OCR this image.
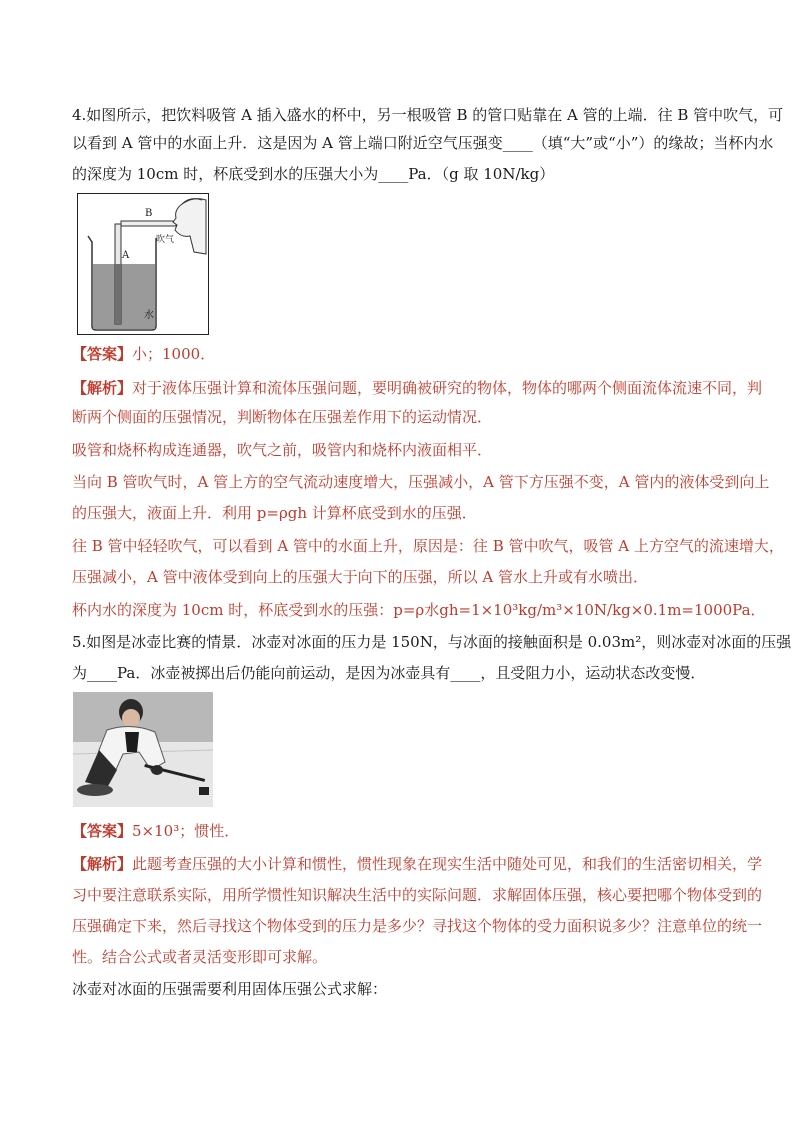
4.如图所示，把饮料吸管 A 插入盛水的杯中，另一根吸管 B 的管口贴靠在 A 管的上端．往 B 管中吹气，可
以看到 A 管中的水面上升．这是因为 A 管上端口附近空气压强变____（填“大”或“小”）的缘故；当杯内水
的深度为 10cm 时，杯底受到水的压强大小为____Pa．（g 取 10N/kg）
B
A
吹气
水
【答案】小；1000．
【解析】对于液体压强计算和流体压强问题，要明确被研究的物体，物体的哪两个侧面流体流速不同，判
断两个侧面的压强情况，判断物体在压强差作用下的运动情况．
吸管和烧杯构成连通器，吹气之前，吸管内和烧杯内液面相平．
当向 B 管吹气时，A 管上方的空气流动速度增大，压强减小，A 管下方压强不变，A 管内的液体受到向上
的压强大，液面上升．利用 p=ρgh 计算杯底受到水的压强．
往 B 管中轻轻吹气，可以看到 A 管中的水面上升，原因是：往 B 管中吹气，吸管 A 上方空气的流速增大，
压强减小，A 管中液体受到向上的压强大于向下的压强，所以 A 管水上升或有水喷出．
杯内水的深度为 10cm 时，杯底受到水的压强：p=ρ水gh=1×10³kg/m³×10N/kg×0.1m=1000Pa．
5.如图是冰壶比赛的情景．冰壶对冰面的压力是 150N，与冰面的接触面积是 0.03m²，则冰壶对冰面的压强
为____Pa．冰壶被掷出后仍能向前运动，是因为冰壶具有____，且受阻力小，运动状态改变慢．
【答案】5×10³；惯性．
【解析】此题考查压强的大小计算和惯性，惯性现象在现实生活中随处可见，和我们的生活密切相关，学
习中要注意联系实际，用所学惯性知识解决生活中的实际问题．求解固体压强，核心要把哪个物体受到的
压强确定下来，然后寻找这个物体受到的压力是多少？寻找这个物体的受力面积说多少？注意单位的统一
性。结合公式或者灵活变形即可求解。
冰壶对冰面的压强需要利用固体压强公式求解：
